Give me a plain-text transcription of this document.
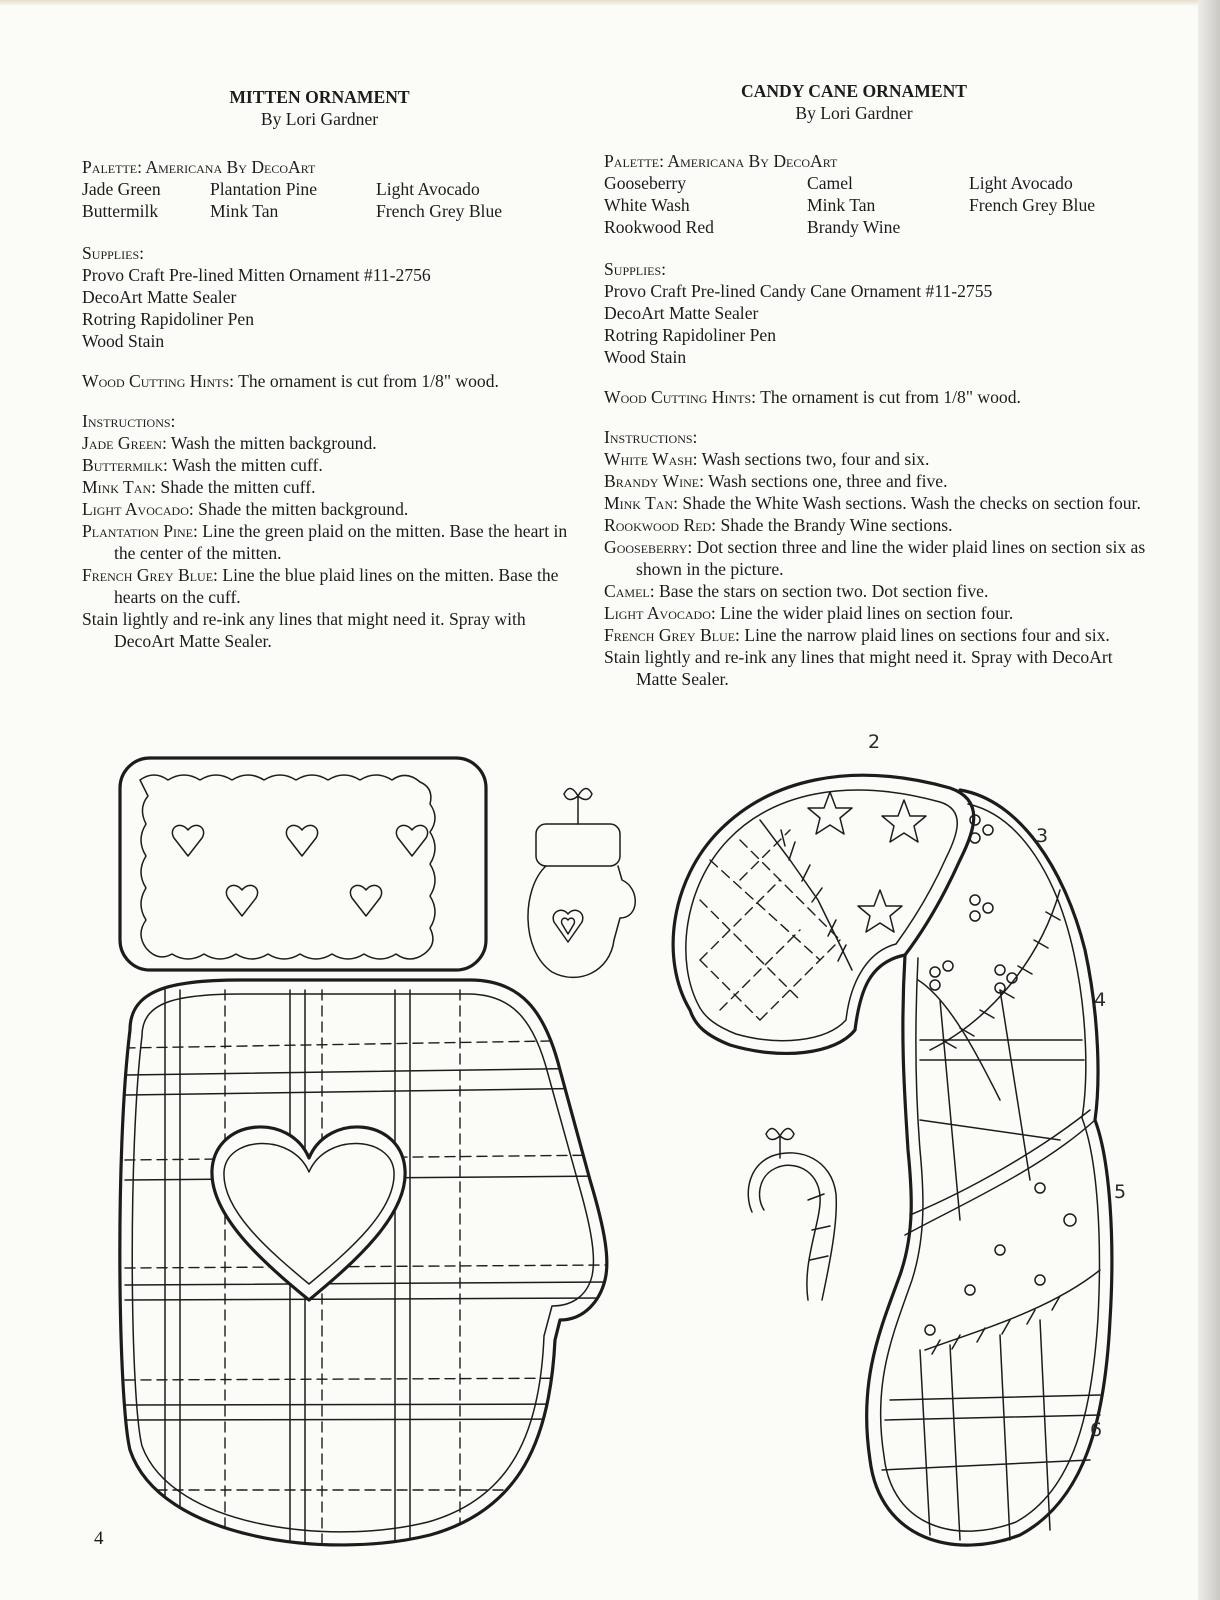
MITTEN ORNAMENT
By Lori Gardner
Palette: Americana By DecoArt
Jade Green	Plantation Pine	Light Avocado
Buttermilk	Mink Tan	French Grey Blue
Supplies:
Provo Craft Pre-lined Mitten Ornament #11-2756
DecoArt Matte Sealer
Rotring Rapidoliner Pen
Wood Stain
Wood Cutting Hints: The ornament is cut from 1/8" wood.
Instructions:
Jade Green: Wash the mitten background.
Buttermilk: Wash the mitten cuff.
Mink Tan: Shade the mitten cuff.
Light Avocado: Shade the mitten background.
Plantation Pine: Line the green plaid on the mitten. Base the heart in the center of the mitten.
French Grey Blue: Line the blue plaid lines on the mitten. Base the hearts on the cuff.
Stain lightly and re-ink any lines that might need it. Spray with DecoArt Matte Sealer.
CANDY CANE ORNAMENT
By Lori Gardner
Palette: Americana By DecoArt
Gooseberry	Camel	Light Avocado
White Wash	Mink Tan	French Grey Blue
Rookwood Red	Brandy Wine
Supplies:
Provo Craft Pre-lined Candy Cane Ornament #11-2755
DecoArt Matte Sealer
Rotring Rapidoliner Pen
Wood Stain
Wood Cutting Hints: The ornament is cut from 1/8" wood.
Instructions:
White Wash: Wash sections two, four and six.
Brandy Wine: Wash sections one, three and five.
Mink Tan: Shade the White Wash sections. Wash the checks on section four.
Rookwood Red: Shade the Brandy Wine sections.
Gooseberry: Dot section three and line the wider plaid lines on section six as shown in the picture.
Camel: Base the stars on section two. Dot section five.
Light Avocado: Line the wider plaid lines on section four.
French Grey Blue: Line the narrow plaid lines on sections four and six.
Stain lightly and re-ink any lines that might need it. Spray with DecoArt Matte Sealer.
2
3
4
5
6
4
